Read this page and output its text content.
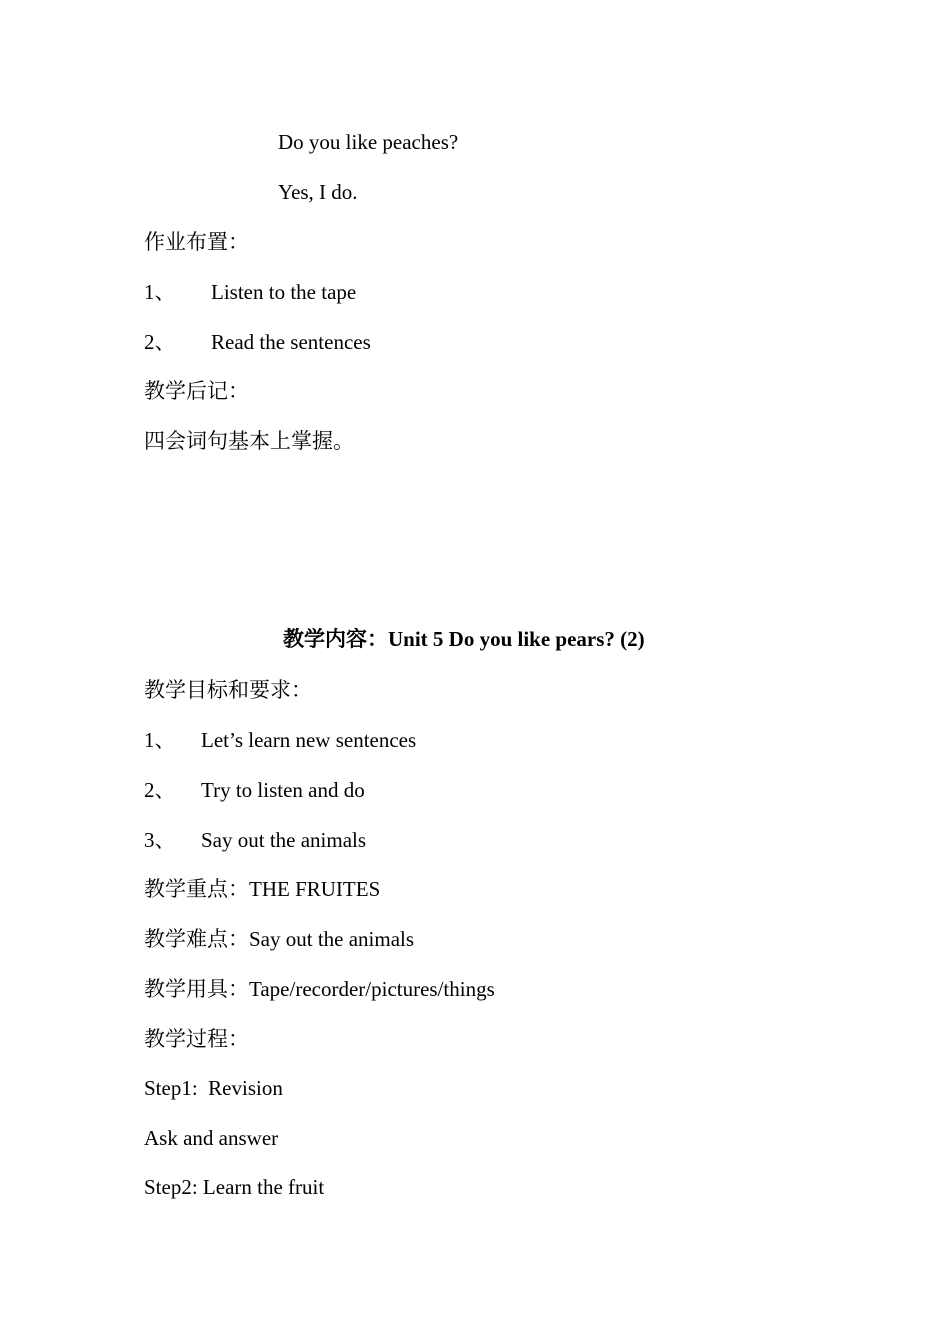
Do you like peaches?
Yes, I do.
作业布置：
1、 Listen to the tape
2、 Read the sentences
教学后记：
四会词句基本上掌握。
教学内容：Unit 5 Do you like pears? (2)
教学目标和要求：
1、 Let’s learn new sentences
2、 Try to listen and do
3、 Say out the animals
教学重点：THE FRUITES
教学难点：Say out the animals
教学用具：Tape/recorder/pictures/things
教学过程：
Step1:  Revision
Ask and answer
Step2: Learn the fruit
